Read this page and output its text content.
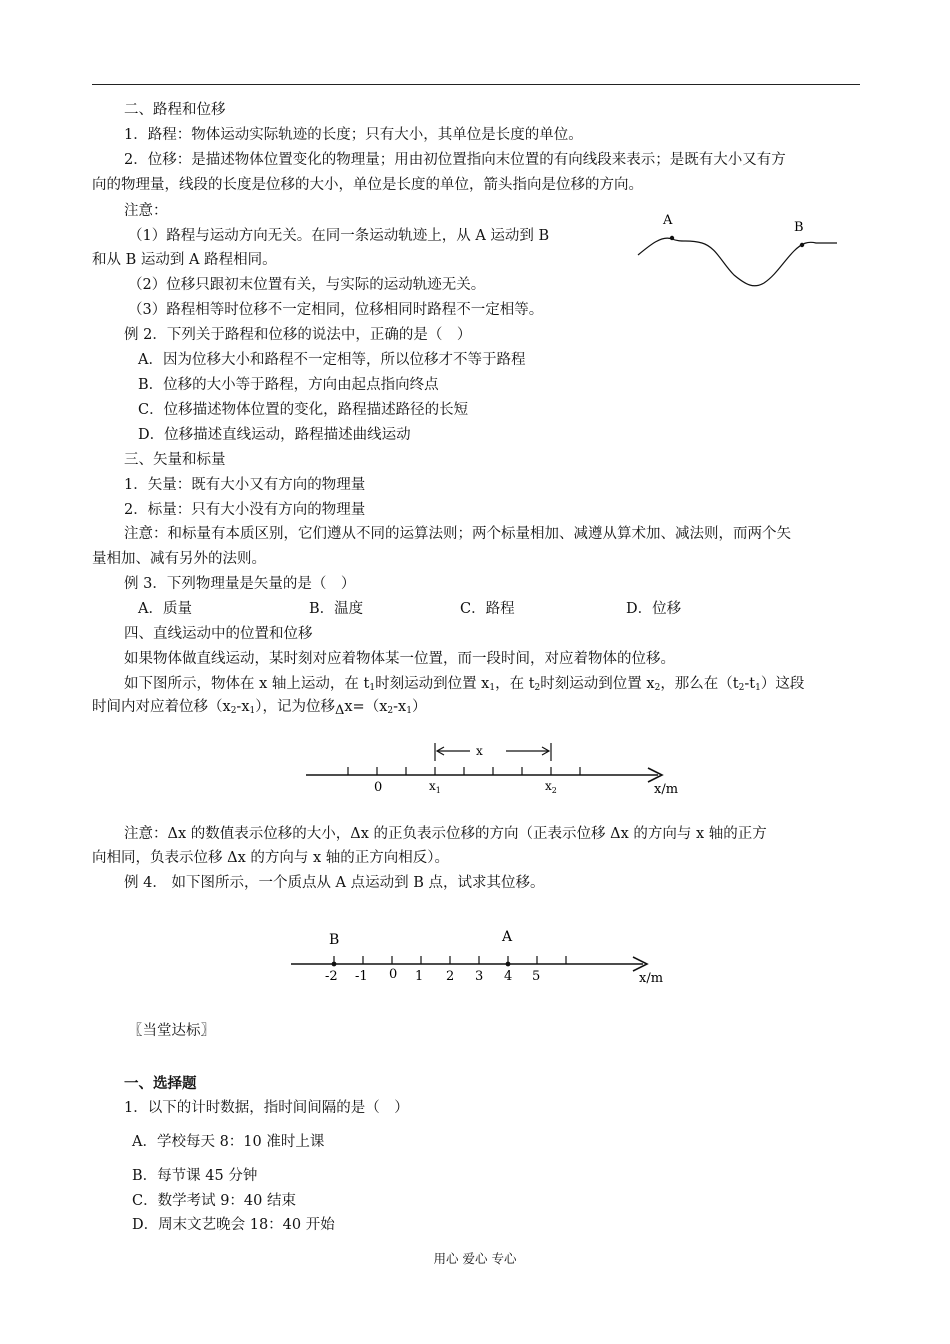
二、路程和位移
1．路程：物体运动实际轨迹的长度；只有大小，其单位是长度的单位。
2．位移：是描述物体位置变化的物理量；用由初位置指向末位置的有向线段来表示；是既有大小又有方
向的物理量，线段的长度是位移的大小，单位是长度的单位，箭头指向是位移的方向。
注意：
（1）路程与运动方向无关。在同一条运动轨迹上，从 A 运动到 B
和从 B 运动到 A 路程相同。
（2）位移只跟初末位置有关，与实际的运动轨迹无关。
（3）路程相等时位移不一定相同，位移相同时路程不一定相等。
A	B
例 2．下列关于路程和位移的说法中，正确的是（　）
A．因为位移大小和路程不一定相等，所以位移才不等于路程
B．位移的大小等于路程，方向由起点指向终点
C．位移描述物体位置的变化，路程描述路径的长短
D．位移描述直线运动，路程描述曲线运动
三、矢量和标量
1．矢量：既有大小又有方向的物理量
2．标量：只有大小没有方向的物理量
注意：和标量有本质区别，它们遵从不同的运算法则；两个标量相加、减遵从算术加、减法则，而两个矢
量相加、减有另外的法则。
例 3．下列物理量是矢量的是（　）
A．质量	B．温度	C．路程	D．位移
四、直线运动中的位置和位移
如果物体做直线运动，某时刻对应着物体某一位置，而一段时间，对应着物体的位移。
如下图所示，物体在 x 轴上运动，在 $t_1$时刻运动到位置 $x_1$，在 $t_2$时刻运动到位置 $x_2$，那么在$(t_2-t_1)$这段
时间内对应着位移$(x_2-x_1)$，记为位移$\Delta x=(x_2-x_1)$
x
0	$x_1$	$x_2$	x/m
注意：Δx 的数值表示位移的大小，Δx 的正负表示位移的方向（正表示位移 Δx 的方向与 x 轴的正方
向相同，负表示位移 Δx 的方向与 x 轴的正方向相反）。
例 4． 如下图所示，一个质点从 A 点运动到 B 点，试求其位移。
B	A
-2 -1 0 1 2 3 4 5	x/m
〖当堂达标〗
一、选择题
1．以下的计时数据，指时间间隔的是（　）
A．学校每天 8：10 准时上课
B．每节课 45 分钟
C．数学考试 9：40 结束
D．周末文艺晚会 18：40 开始
用心 爱心 专心
